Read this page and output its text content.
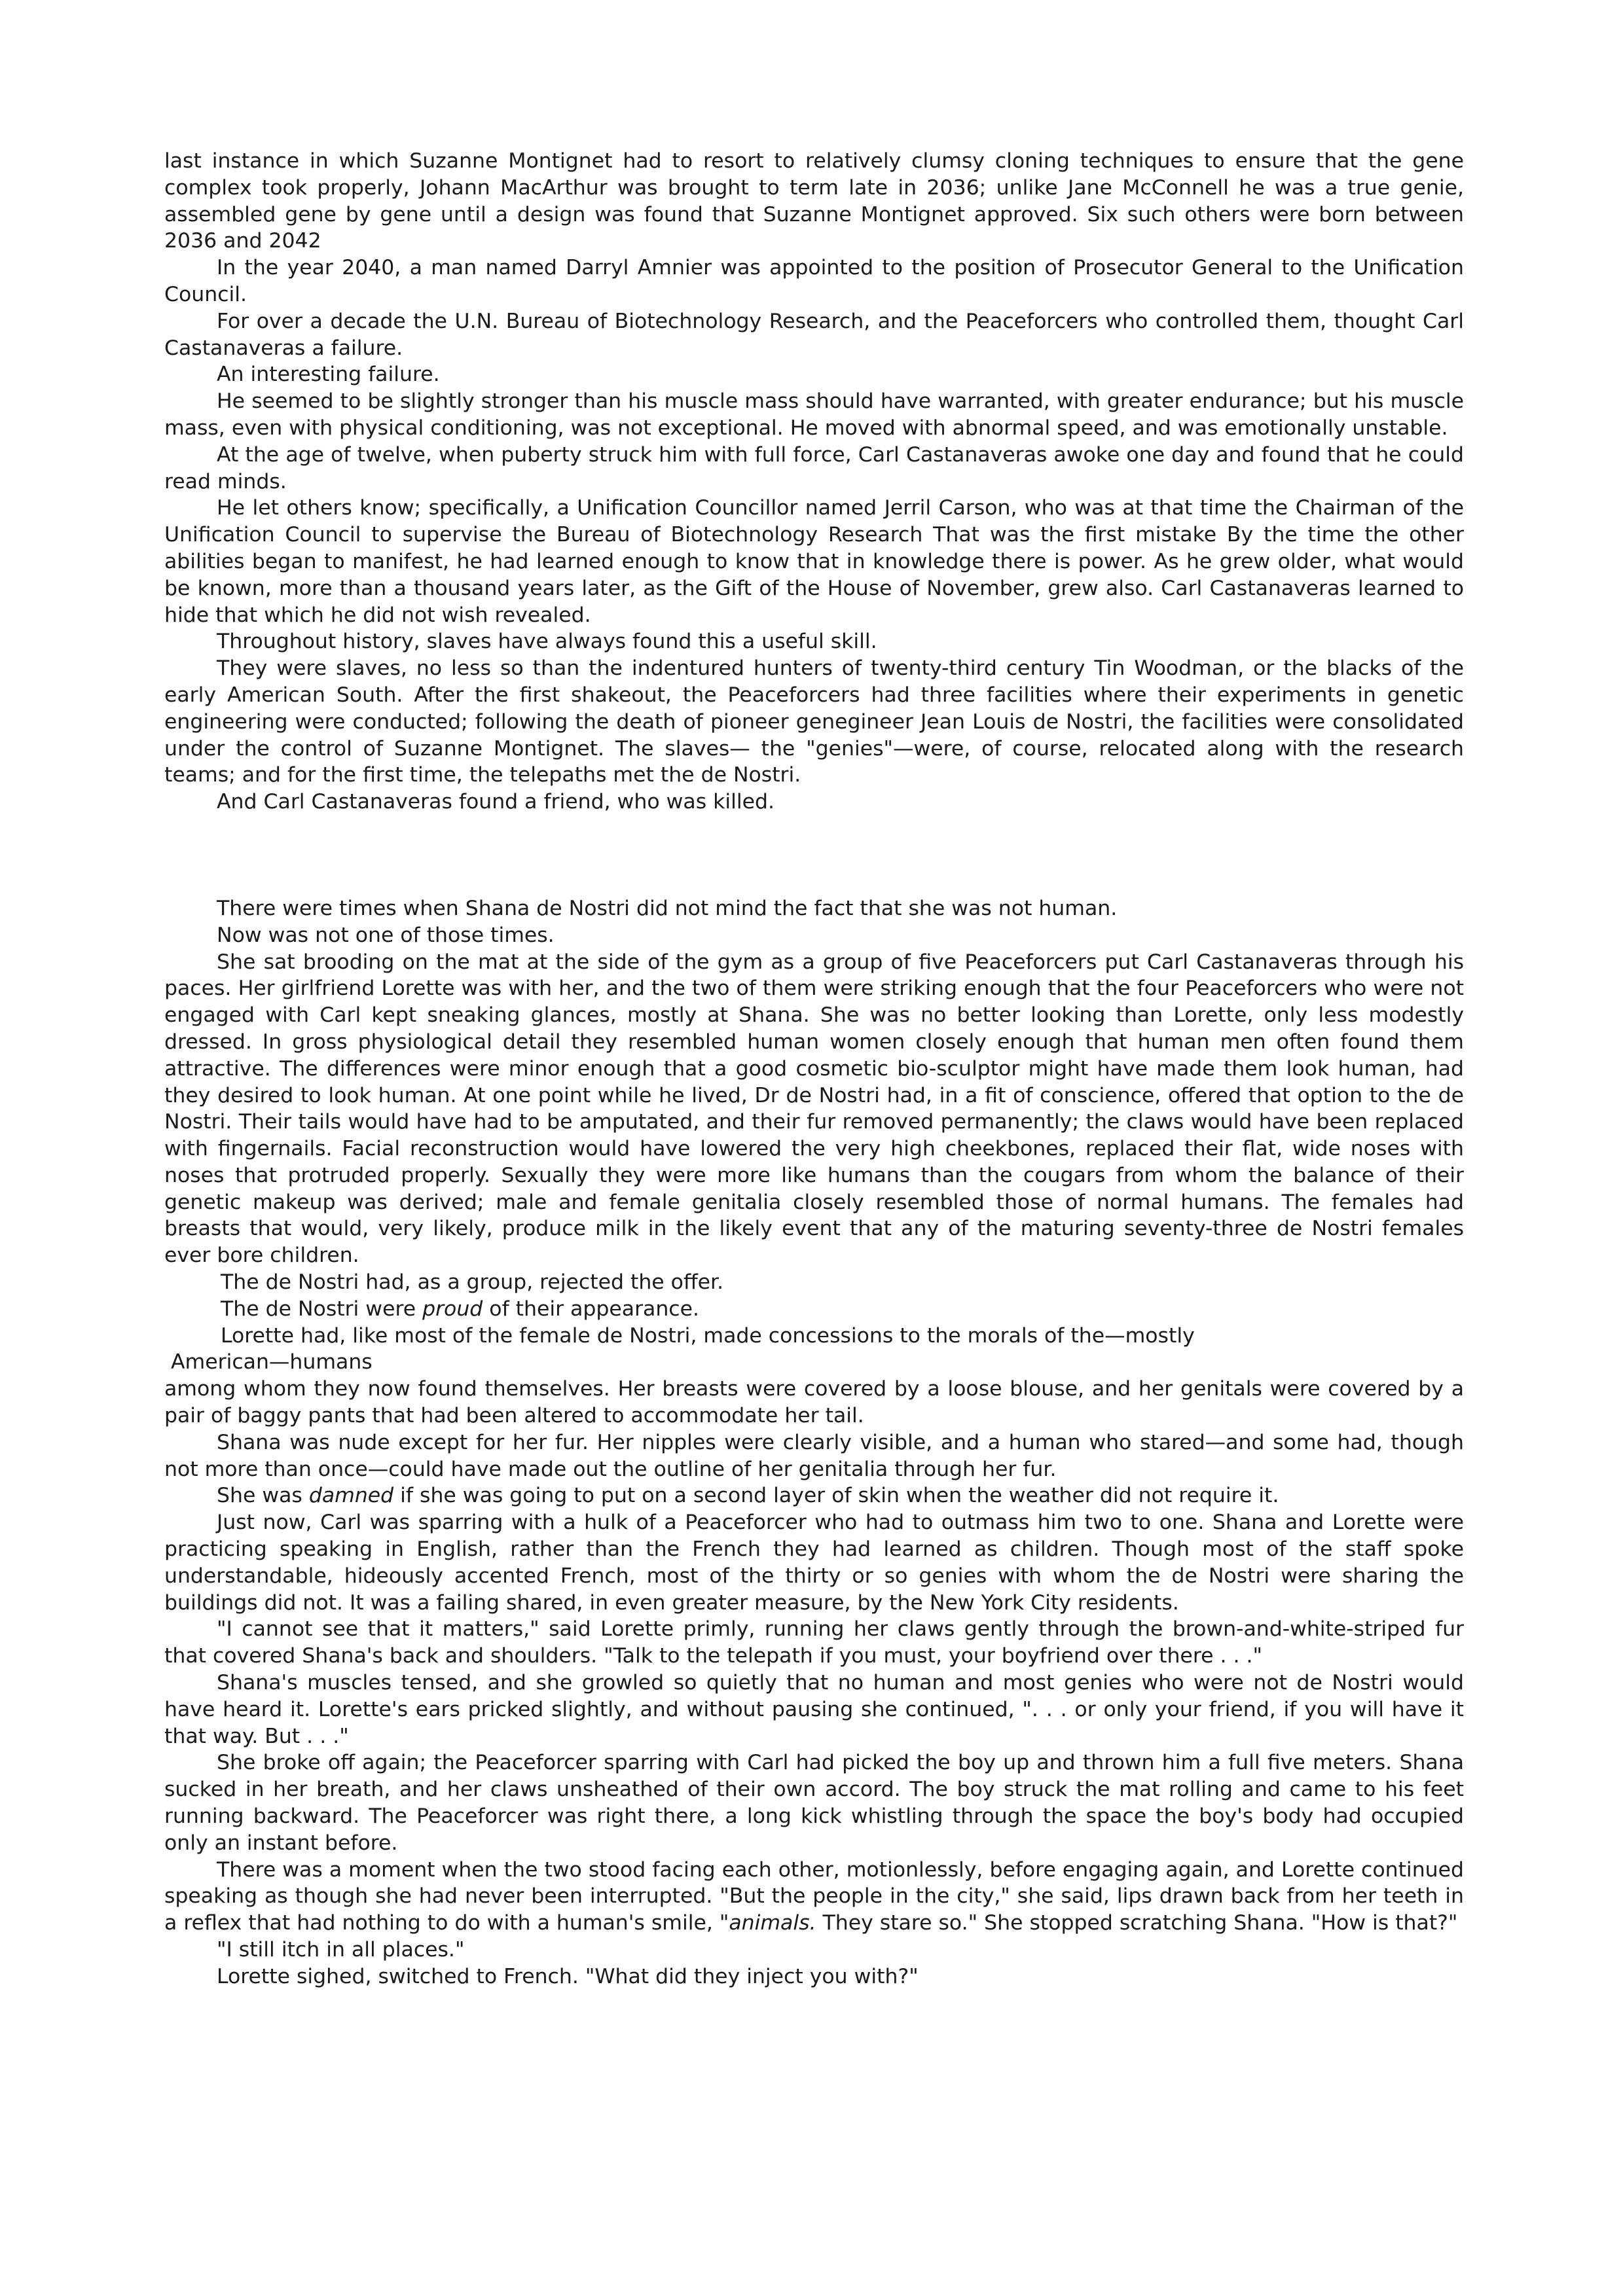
last instance in which Suzanne Montignet had to resort to relatively clumsy cloning techniques to ensure that the gene complex took properly, Johann MacArthur was brought to term late in 2036; unlike Jane McConnell he was a true genie, assembled gene by gene until a design was found that Suzanne Montignet approved. Six such others were born between 2036 and 2042

In the year 2040, a man named Darryl Amnier was appointed to the position of Prosecutor General to the Unification Council.

For over a decade the U.N. Bureau of Biotechnology Research, and the Peaceforcers who controlled them, thought Carl Castanaveras a failure.

An interesting failure.

He seemed to be slightly stronger than his muscle mass should have warranted, with greater endurance; but his muscle mass, even with physical conditioning, was not exceptional. He moved with abnormal speed, and was emotionally unstable.

At the age of twelve, when puberty struck him with full force, Carl Castanaveras awoke one day and found that he could read minds.

He let others know; specifically, a Unification Councillor named Jerril Carson, who was at that time the Chairman of the Unification Council to supervise the Bureau of Biotechnology Research That was the first mistake By the time the other abilities began to manifest, he had learned enough to know that in knowledge there is power. As he grew older, what would be known, more than a thousand years later, as the Gift of the House of November, grew also. Carl Castanaveras learned to hide that which he did not wish revealed.

Throughout history, slaves have always found this a useful skill.

They were slaves, no less so than the indentured hunters of twenty-third century Tin Woodman, or the blacks of the early American South. After the first shakeout, the Peaceforcers had three facilities where their experiments in genetic engineering were conducted; following the death of pioneer genegineer Jean Louis de Nostri, the facilities were consolidated under the control of Suzanne Montignet. The slaves— the "genies"—were, of course, relocated along with the research teams; and for the first time, the telepaths met the de Nostri.

And Carl Castanaveras found a friend, who was killed.

There were times when Shana de Nostri did not mind the fact that she was not human.

Now was not one of those times.

She sat brooding on the mat at the side of the gym as a group of five Peaceforcers put Carl Castanaveras through his paces. Her girlfriend Lorette was with her, and the two of them were striking enough that the four Peaceforcers who were not engaged with Carl kept sneaking glances, mostly at Shana. She was no better looking than Lorette, only less modestly dressed. In gross physiological detail they resembled human women closely enough that human men often found them attractive. The differences were minor enough that a good cosmetic bio-sculptor might have made them look human, had they desired to look human. At one point while he lived, Dr de Nostri had, in a fit of conscience, offered that option to the de Nostri. Their tails would have had to be amputated, and their fur removed permanently; the claws would have been replaced with fingernails. Facial reconstruction would have lowered the very high cheekbones, replaced their flat, wide noses with noses that protruded properly. Sexually they were more like humans than the cougars from whom the balance of their genetic makeup was derived; male and female genitalia closely resembled those of normal humans. The females had breasts that would, very likely, produce milk in the likely event that any of the maturing seventy-three de Nostri females ever bore children.

The de Nostri had, as a group, rejected the offer.

The de Nostri were proud of their appearance.

Lorette had, like most of the female de Nostri, made concessions to the morals of the—mostly

American—humans

among whom they now found themselves. Her breasts were covered by a loose blouse, and her genitals were covered by a pair of baggy pants that had been altered to accommodate her tail.

Shana was nude except for her fur. Her nipples were clearly visible, and a human who stared—and some had, though not more than once—could have made out the outline of her genitalia through her fur.

She was damned if she was going to put on a second layer of skin when the weather did not require it.

Just now, Carl was sparring with a hulk of a Peaceforcer who had to outmass him two to one. Shana and Lorette were practicing speaking in English, rather than the French they had learned as children. Though most of the staff spoke understandable, hideously accented French, most of the thirty or so genies with whom the de Nostri were sharing the buildings did not. It was a failing shared, in even greater measure, by the New York City residents.

"I cannot see that it matters," said Lorette primly, running her claws gently through the brown-and-white-striped fur that covered Shana's back and shoulders. "Talk to the telepath if you must, your boyfriend over there . . ."

Shana's muscles tensed, and she growled so quietly that no human and most genies who were not de Nostri would have heard it. Lorette's ears pricked slightly, and without pausing she continued, ". . . or only your friend, if you will have it that way. But . . ."

She broke off again; the Peaceforcer sparring with Carl had picked the boy up and thrown him a full five meters. Shana sucked in her breath, and her claws unsheathed of their own accord. The boy struck the mat rolling and came to his feet running backward. The Peaceforcer was right there, a long kick whistling through the space the boy's body had occupied only an instant before.

There was a moment when the two stood facing each other, motionlessly, before engaging again, and Lorette continued speaking as though she had never been interrupted. "But the people in the city," she said, lips drawn back from her teeth in a reflex that had nothing to do with a human's smile, "animals. They stare so." She stopped scratching Shana. "How is that?"

"I still itch in all places."

Lorette sighed, switched to French. "What did they inject you with?"
